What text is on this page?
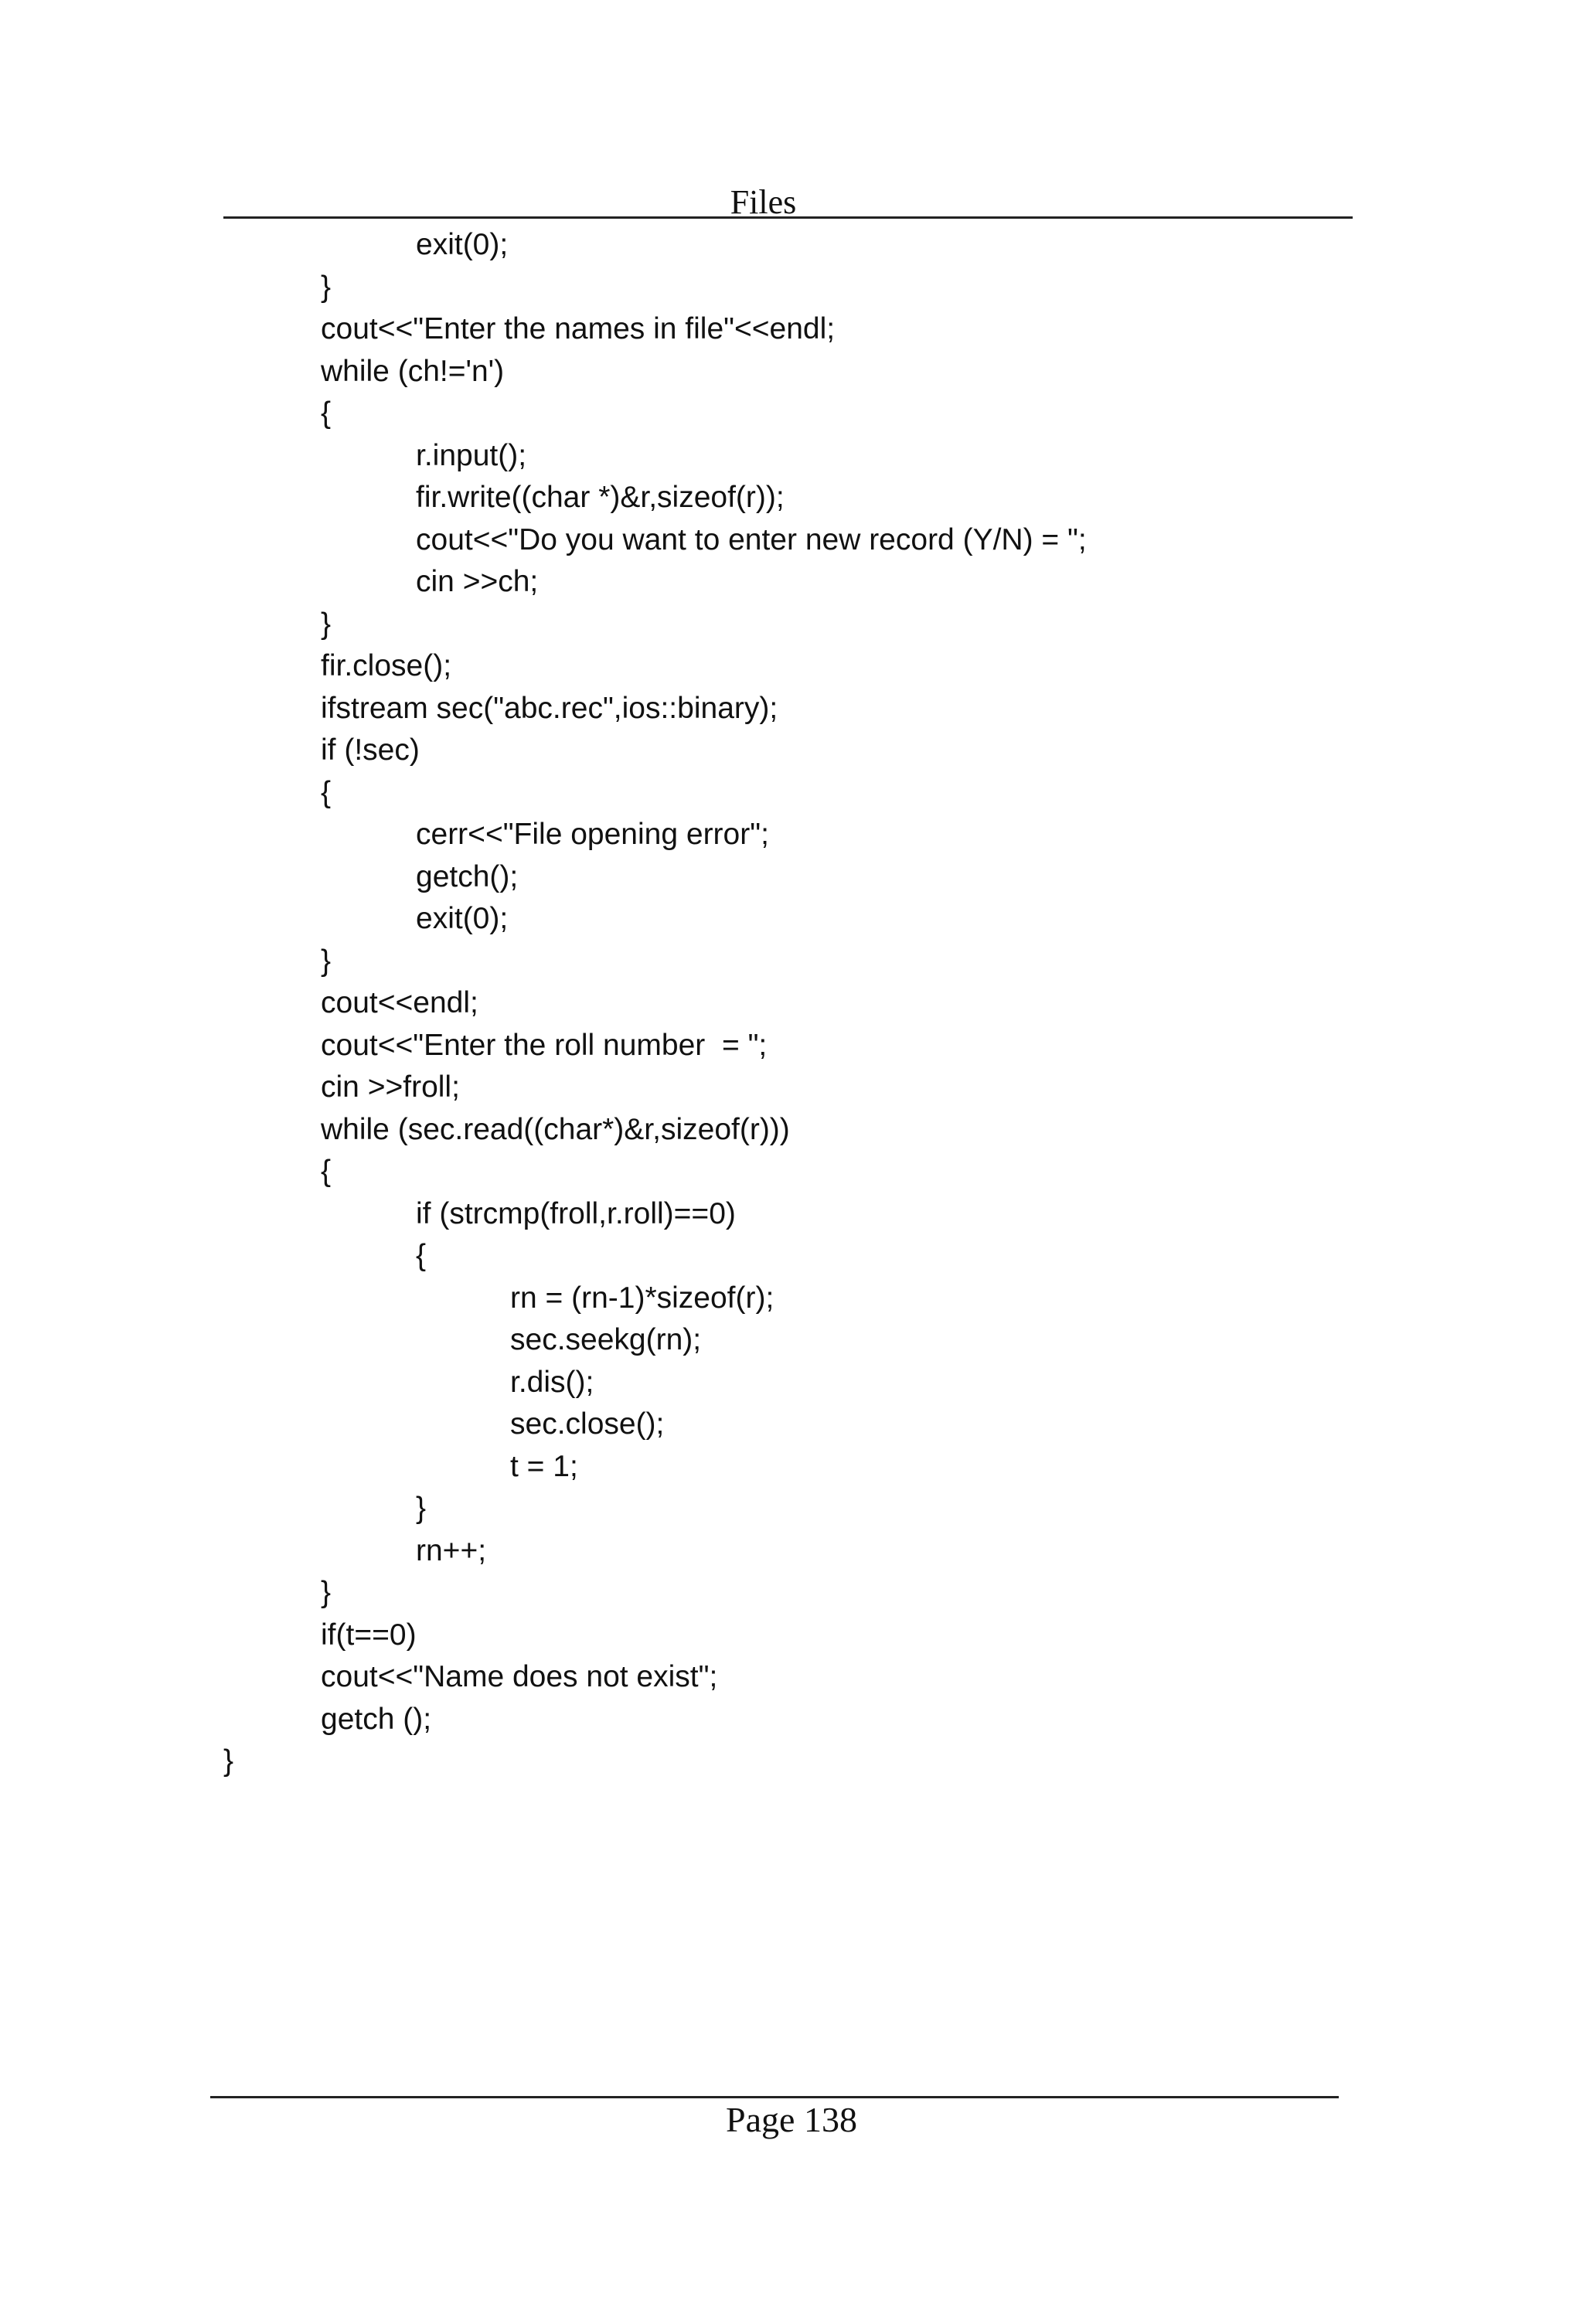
Files
exit(0);
}
cout<<"Enter the names in file"<<endl;
while (ch!='n')
{
r.input();
fir.write((char *)&r,sizeof(r));
cout<<"Do you want to enter new record (Y/N) = ";
cin >>ch;
}
fir.close();
ifstream sec("abc.rec",ios::binary);
if (!sec)
{
cerr<<"File opening error";
getch();
exit(0);
}
cout<<endl;
cout<<"Enter the roll number  = ";
cin >>froll;
while (sec.read((char*)&r,sizeof(r)))
{
if (strcmp(froll,r.roll)==0)
{
rn = (rn-1)*sizeof(r);
sec.seekg(rn);
r.dis();
sec.close();
t = 1;
}
rn++;
}
if(t==0)
cout<<"Name does not exist";
getch ();
}
Page 138
